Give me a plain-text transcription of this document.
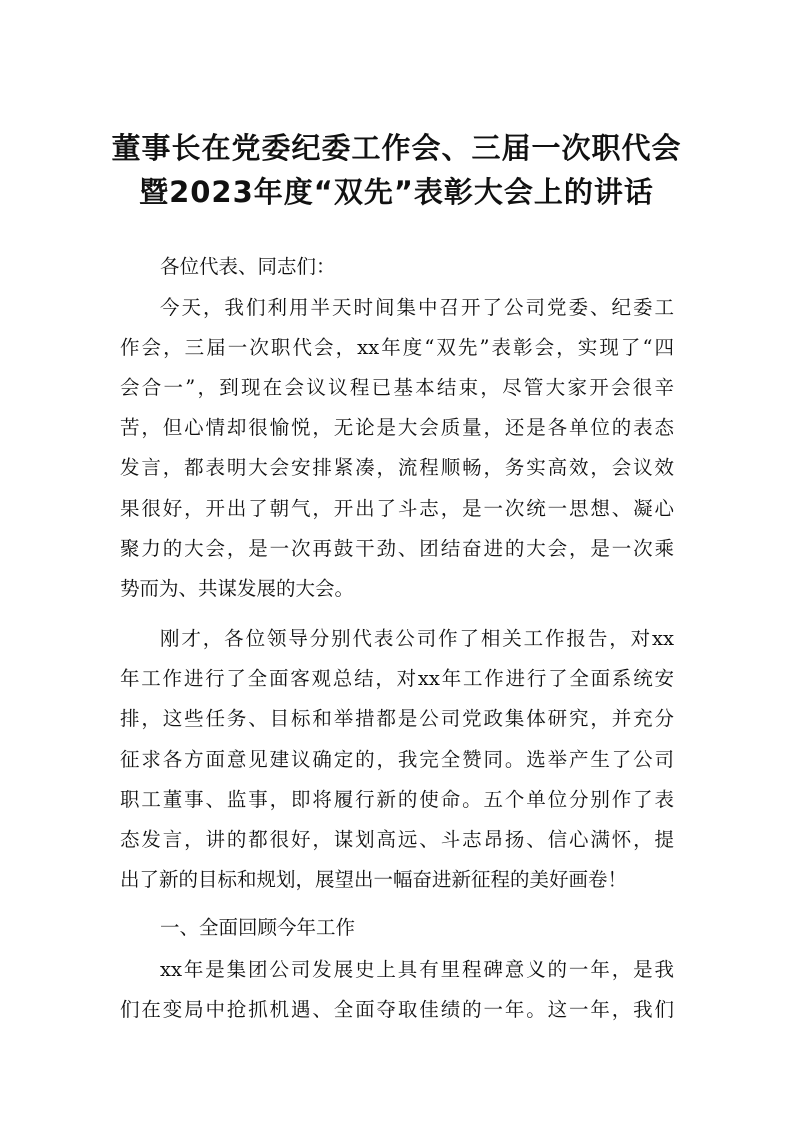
董事长在党委纪委工作会、三届一次职代会
暨2023年度“双先”表彰大会上的讲话
各位代表、同志们：
今天，我们利用半天时间集中召开了公司党委、纪委工
作会，三届一次职代会，xx年度“双先”表彰会，实现了“四
会合一”，到现在会议议程已基本结束，尽管大家开会很辛
苦，但心情却很愉悦，无论是大会质量，还是各单位的表态
发言，都表明大会安排紧凑，流程顺畅，务实高效，会议效
果很好，开出了朝气，开出了斗志，是一次统一思想、凝心
聚力的大会，是一次再鼓干劲、团结奋进的大会，是一次乘
势而为、共谋发展的大会。
刚才，各位领导分别代表公司作了相关工作报告，对xx
年工作进行了全面客观总结，对xx年工作进行了全面系统安
排，这些任务、目标和举措都是公司党政集体研究，并充分
征求各方面意见建议确定的，我完全赞同。选举产生了公司
职工董事、监事，即将履行新的使命。五个单位分别作了表
态发言，讲的都很好，谋划高远、斗志昂扬、信心满怀，提
出了新的目标和规划，展望出一幅奋进新征程的美好画卷！
一、全面回顾今年工作
xx年是集团公司发展史上具有里程碑意义的一年，是我
们在变局中抢抓机遇、全面夺取佳绩的一年。这一年，我们
